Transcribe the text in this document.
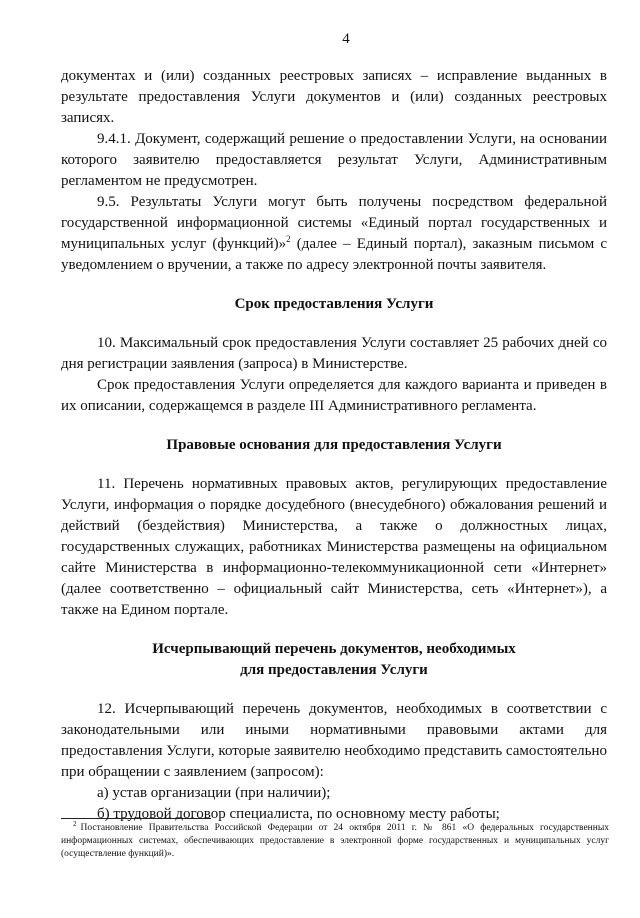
4

документах и (или) созданных реестровых записях – исправление выданных в результате предоставления Услуги документов и (или) созданных реестровых записях.

9.4.1. Документ, содержащий решение о предоставлении Услуги, на основании которого заявителю предоставляется результат Услуги, Административным регламентом не предусмотрен.

9.5. Результаты Услуги могут быть получены посредством федеральной государственной информационной системы «Единый портал государственных и муниципальных услуг (функций)»$^2$ (далее – Единый портал), заказным письмом с уведомлением о вручении, а также по адресу электронной почты заявителя.

Срок предоставления Услуги

10. Максимальный срок предоставления Услуги составляет 25 рабочих дней со дня регистрации заявления (запроса) в Министерстве.

Срок предоставления Услуги определяется для каждого варианта и приведен в их описании, содержащемся в разделе III Административного регламента.

Правовые основания для предоставления Услуги

11. Перечень нормативных правовых актов, регулирующих предоставление Услуги, информация о порядке досудебного (внесудебного) обжалования решений и действий (бездействия) Министерства, а также о должностных лицах, государственных служащих, работниках Министерства размещены на официальном сайте Министерства в информационно-телекоммуникационной сети «Интернет» (далее соответственно – официальный сайт Министерства, сеть «Интернет»), а также на Едином портале.

Исчерпывающий перечень документов, необходимых
для предоставления Услуги

12. Исчерпывающий перечень документов, необходимых в соответствии с законодательными или иными нормативными правовыми актами для предоставления Услуги, которые заявителю необходимо представить самостоятельно при обращении с заявлением (запросом):

а) устав организации (при наличии);

б) трудовой договор специалиста, по основному месту работы;

$^2$ Постановление Правительства Российской Федерации от 24 октября 2011 г. № 861 «О федеральных государственных информационных системах, обеспечивающих предоставление в электронной форме государственных и муниципальных услуг (осуществление функций)».
